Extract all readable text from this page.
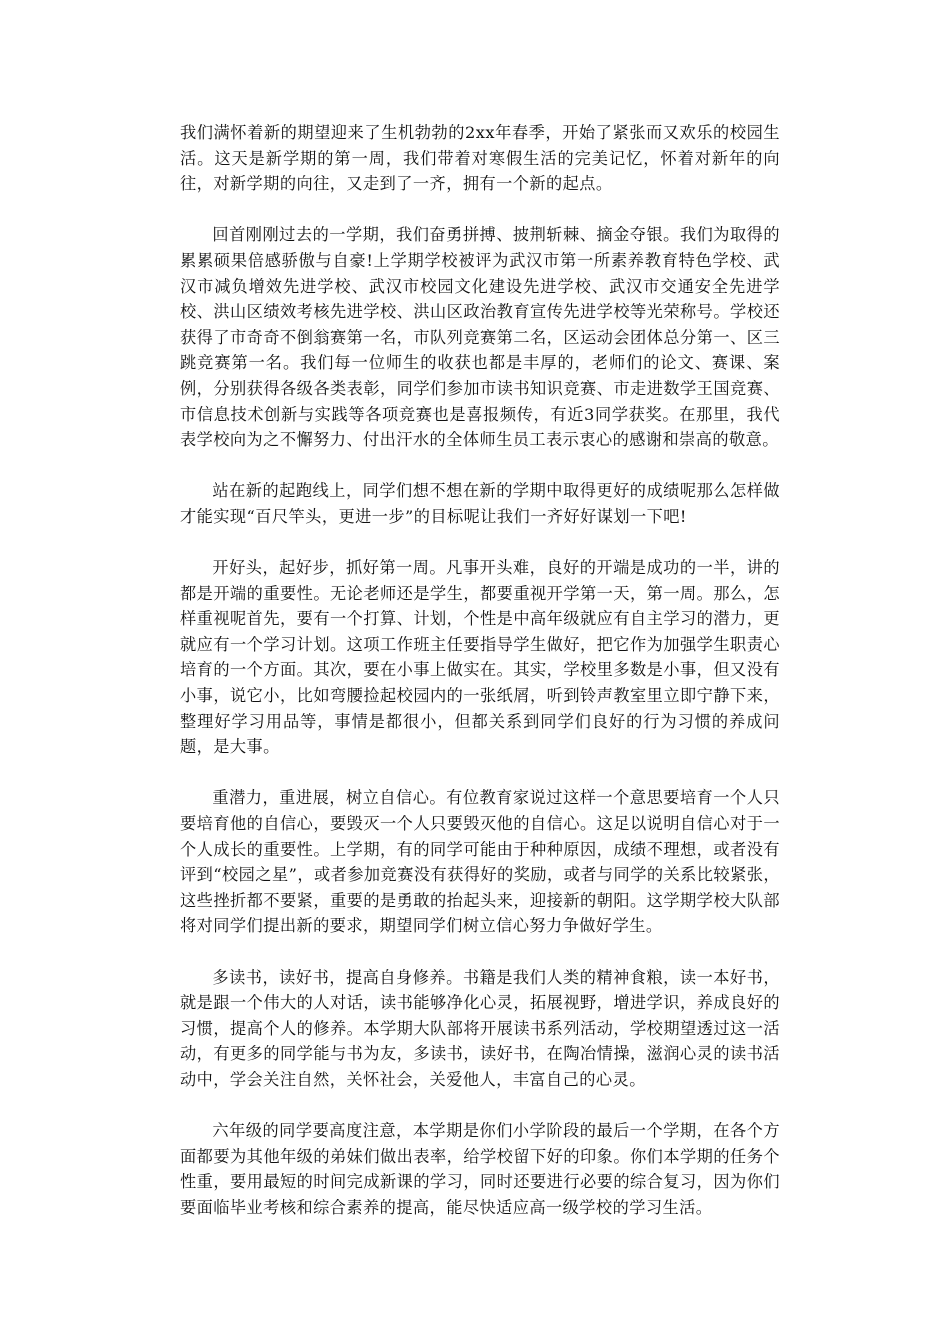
我们满怀着新的期望迎来了生机勃勃的2xx年春季，开始了紧张而又欢乐的校园生活。这天是新学期的第一周，我们带着对寒假生活的完美记忆，怀着对新年的向往，对新学期的向往，又走到了一齐，拥有一个新的起点。

回首刚刚过去的一学期，我们奋勇拼搏、披荆斩棘、摘金夺银。我们为取得的累累硕果倍感骄傲与自豪!上学期学校被评为武汉市第一所素养教育特色学校、武汉市减负增效先进学校、武汉市校园文化建设先进学校、武汉市交通安全先进学校、洪山区绩效考核先进学校、洪山区政治教育宣传先进学校等光荣称号。学校还获得了市奇奇不倒翁赛第一名，市队列竞赛第二名，区运动会团体总分第一、区三跳竞赛第一名。我们每一位师生的收获也都是丰厚的，老师们的论文、赛课、案例，分别获得各级各类表彰，同学们参加市读书知识竞赛、市走进数学王国竞赛、市信息技术创新与实践等各项竞赛也是喜报频传，有近3同学获奖。在那里，我代表学校向为之不懈努力、付出汗水的全体师生员工表示衷心的感谢和崇高的敬意。

站在新的起跑线上，同学们想不想在新的学期中取得更好的成绩呢那么怎样做才能实现“百尺竿头，更进一步”的目标呢让我们一齐好好谋划一下吧!

开好头，起好步，抓好第一周。凡事开头难，良好的开端是成功的一半，讲的都是开端的重要性。无论老师还是学生，都要重视开学第一天，第一周。那么，怎样重视呢首先，要有一个打算、计划，个性是中高年级就应有自主学习的潜力，更就应有一个学习计划。这项工作班主任要指导学生做好，把它作为加强学生职责心培育的一个方面。其次，要在小事上做实在。其实，学校里多数是小事，但又没有小事，说它小，比如弯腰捡起校园内的一张纸屑，听到铃声教室里立即宁静下来，整理好学习用品等，事情是都很小，但都关系到同学们良好的行为习惯的养成问题，是大事。

重潜力，重进展，树立自信心。有位教育家说过这样一个意思要培育一个人只要培育他的自信心，要毁灭一个人只要毁灭他的自信心。这足以说明自信心对于一个人成长的重要性。上学期，有的同学可能由于种种原因，成绩不理想，或者没有评到“校园之星”，或者参加竞赛没有获得好的奖励，或者与同学的关系比较紧张，这些挫折都不要紧，重要的是勇敢的抬起头来，迎接新的朝阳。这学期学校大队部将对同学们提出新的要求，期望同学们树立信心努力争做好学生。

多读书，读好书，提高自身修养。书籍是我们人类的精神食粮，读一本好书，就是跟一个伟大的人对话，读书能够净化心灵，拓展视野，增进学识，养成良好的习惯，提高个人的修养。本学期大队部将开展读书系列活动，学校期望透过这一活动，有更多的同学能与书为友，多读书，读好书，在陶冶情操，滋润心灵的读书活动中，学会关注自然，关怀社会，关爱他人，丰富自己的心灵。

六年级的同学要高度注意，本学期是你们小学阶段的最后一个学期，在各个方面都要为其他年级的弟妹们做出表率，给学校留下好的印象。你们本学期的任务个性重，要用最短的时间完成新课的学习，同时还要进行必要的综合复习，因为你们要面临毕业考核和综合素养的提高，能尽快适应高一级学校的学习生活。
